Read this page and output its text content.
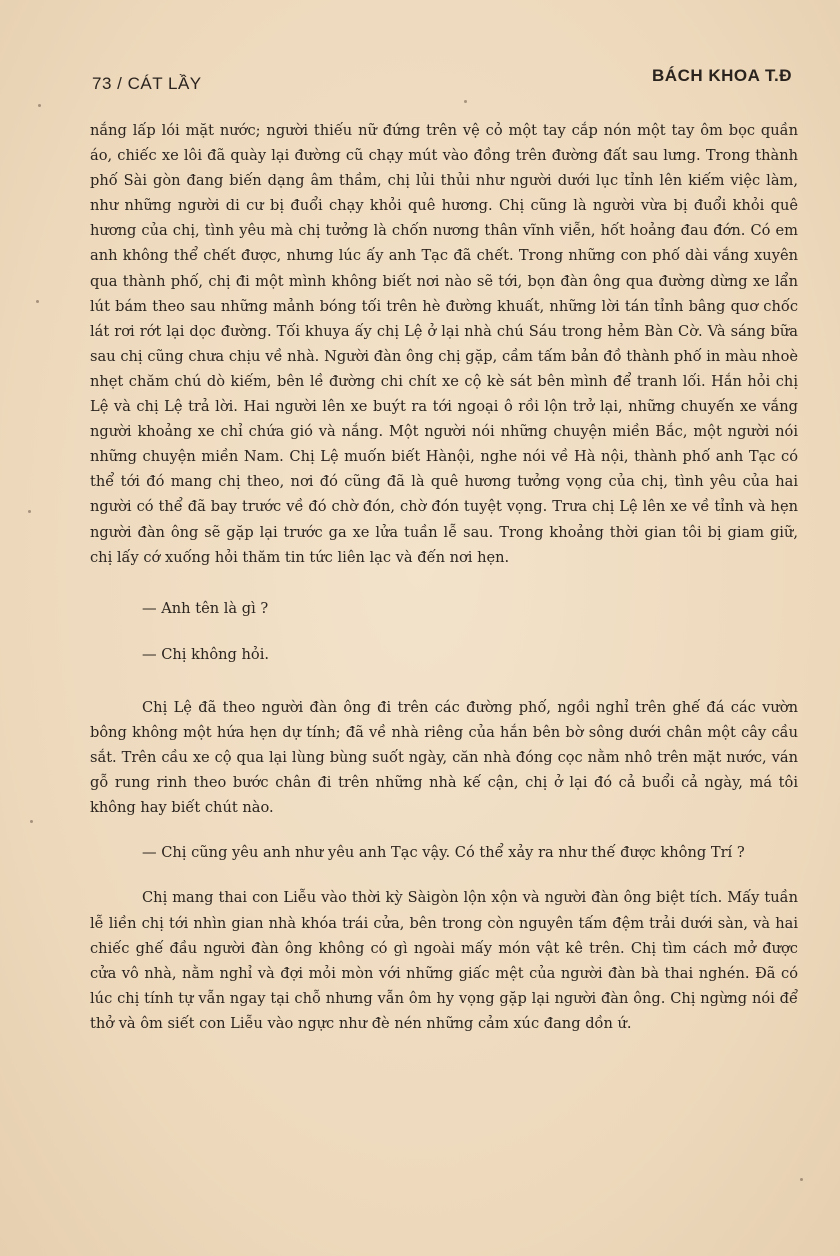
73 / CÁT LẦY	BÁCH KHOA T.Đ

nắng lấp lói mặt nước; người thiếu nữ đứng trên vệ cỏ một tay cắp nón một tay ôm bọc quần áo, chiếc xe lôi đã quày lại đường cũ chạy mút vào đồng trên đường đất sau lưng. Trong thành phố Sài gòn đang biến dạng âm thầm, chị lủi thủi như người dưới lục tỉnh lên kiếm việc làm, như những người di cư bị đuổi chạy khỏi quê hương. Chị cũng là người vừa bị đuổi khỏi quê hương của chị, tình yêu mà chị tưởng là chốn nương thân vĩnh viễn, hốt hoảng đau đớn. Có em anh không thể chết được, nhưng lúc ấy anh Tạc đã chết. Trong những con phố dài vắng xuyên qua thành phố, chị đi một mình không biết nơi nào sẽ tới, bọn đàn ông qua đường dừng xe lẩn lút bám theo sau những mảnh bóng tối trên hè đường khuất, những lời tán tỉnh bâng quơ chốc lát rơi rớt lại dọc đường. Tối khuya ấy chị Lệ ở lại nhà chú Sáu trong hẻm Bàn Cờ. Và sáng bữa sau chị cũng chưa chịu về nhà. Người đàn ông chị gặp, cầm tấm bản đồ thành phố in màu nhoè nhẹt chăm chú dò kiếm, bên lề đường chi chít xe cộ kè sát bên mình để tranh lối. Hắn hỏi chị Lệ và chị Lệ trả lời. Hai người lên xe buýt ra tới ngoại ô rồi lộn trở lại, những chuyến xe vắng người khoảng xe chỉ chứa gió và nắng. Một người nói những chuyện miền Bắc, một người nói những chuyện miền Nam. Chị Lệ muốn biết Hànội, nghe nói về Hà nội, thành phố anh Tạc có thể tới đó mang chị theo, nơi đó cũng đã là quê hương tưởng vọng của chị, tình yêu của hai người có thể đã bay trước về đó chờ đón, chờ đón tuyệt vọng. Trưa chị Lệ lên xe về tỉnh và hẹn người đàn ông sẽ gặp lại trước ga xe lửa tuần lễ sau. Trong khoảng thời gian tôi bị giam giữ, chị lấy cớ xuống hỏi thăm tin tức liên lạc và đến nơi hẹn.

— Anh tên là gì ?

— Chị không hỏi.

Chị Lệ đã theo người đàn ông đi trên các đường phố, ngồi nghỉ trên ghế đá các vườn bông không một hứa hẹn dự tính; đã về nhà riêng của hắn bên bờ sông dưới chân một cây cầu sắt. Trên cầu xe cộ qua lại lùng bùng suốt ngày, căn nhà đóng cọc nằm nhô trên mặt nước, ván gỗ rung rinh theo bước chân đi trên những nhà kế cận, chị ở lại đó cả buổi cả ngày, má tôi không hay biết chút nào.

— Chị cũng yêu anh như yêu anh Tạc vậy. Có thể xảy ra như thế được không Trí ?

Chị mang thai con Liễu vào thời kỳ Sàigòn lộn xộn và người đàn ông biệt tích. Mấy tuần lễ liền chị tới nhìn gian nhà khóa trái cửa, bên trong còn nguyên tấm đệm trải dưới sàn, và hai chiếc ghế đầu người đàn ông không có gì ngoài mấy món vật kê trên. Chị tìm cách mở được cửa vô nhà, nằm nghỉ và đợi mỏi mòn với những giấc mệt của người đàn bà thai nghén. Đã có lúc chị tính tự vẫn ngay tại chỗ nhưng vẫn ôm hy vọng gặp lại người đàn ông. Chị ngừng nói để thở và ôm siết con Liễu vào ngực như đè nén những cảm xúc đang dồn ứ.
